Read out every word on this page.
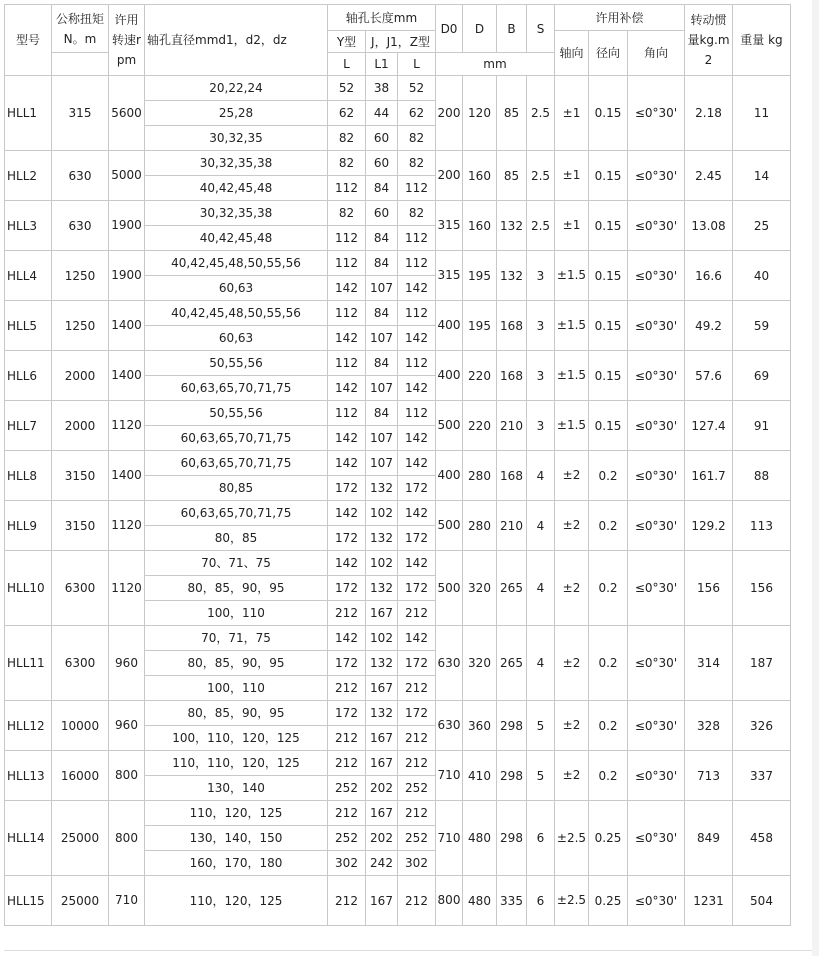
型号	公称扭矩N。m	许用转速rpm	轴孔直径mmd1，d2，dz	轴孔长度mm			D0	D	B	S	许用补偿			转动惯量kg.m 2	重量 kg
				Y型	J，J1，Z型						轴向	径向	角向		
				L	L1	L	mm								
HLL1	315	5600	20,22,24	52	38	52	200	120	85	2.5	±1	0.15	≤0°30'	2.18	11
			25,28	62	44	62									
			30,32,35	82	60	82									
HLL2	630	5000	30,32,35,38	82	60	82	200	160	85	2.5	±1	0.15	≤0°30'	2.45	14
			40,42,45,48	112	84	112									
HLL3	630	1900	30,32,35,38	82	60	82	315	160	132	2.5	±1	0.15	≤0°30'	13.08	25
			40,42,45,48	112	84	112									
HLL4	1250	1900	40,42,45,48,50,55,56	112	84	112	315	195	132	3	±1.5	0.15	≤0°30'	16.6	40
			60,63	142	107	142									
HLL5	1250	1400	40,42,45,48,50,55,56	112	84	112	400	195	168	3	±1.5	0.15	≤0°30'	49.2	59
			60,63	142	107	142									
HLL6	2000	1400	50,55,56	112	84	112	400	220	168	3	±1.5	0.15	≤0°30'	57.6	69
			60,63,65,70,71,75	142	107	142									
HLL7	2000	1120	50,55,56	112	84	112	500	220	210	3	±1.5	0.15	≤0°30'	127.4	91
			60,63,65,70,71,75	142	107	142									
HLL8	3150	1400	60,63,65,70,71,75	142	107	142	400	280	168	4	±2	0.2	≤0°30'	161.7	88
			80,85	172	132	172									
HLL9	3150	1120	60,63,65,70,71,75	142	102	142	500	280	210	4	±2	0.2	≤0°30'	129.2	113
			80，85	172	132	172									
HLL10	6300	1120	70、71、75	142	102	142	500	320	265	4	±2	0.2	≤0°30'	156	156
			80，85，90，95	172	132	172									
			100，110	212	167	212									
HLL11	6300	960	70，71，75	142	102	142	630	320	265	4	±2	0.2	≤0°30'	314	187
			80，85，90，95	172	132	172									
			100，110	212	167	212									
HLL12	10000	960	80，85，90，95	172	132	172	630	360	298	5	±2	0.2	≤0°30'	328	326
			100，110，120，125	212	167	212									
HLL13	16000	800	110，110，120，125	212	167	212	710	410	298	5	±2	0.2	≤0°30'	713	337
			130，140	252	202	252									
HLL14	25000	800	110，120，125	212	167	212	710	480	298	6	±2.5	0.25	≤0°30'	849	458
			130，140，150	252	202	252									
			160，170，180	302	242	302									
HLL15	25000	710	110，120，125	212	167	212	800	480	335	6	±2.5	0.25	≤0°30'	1231	504
